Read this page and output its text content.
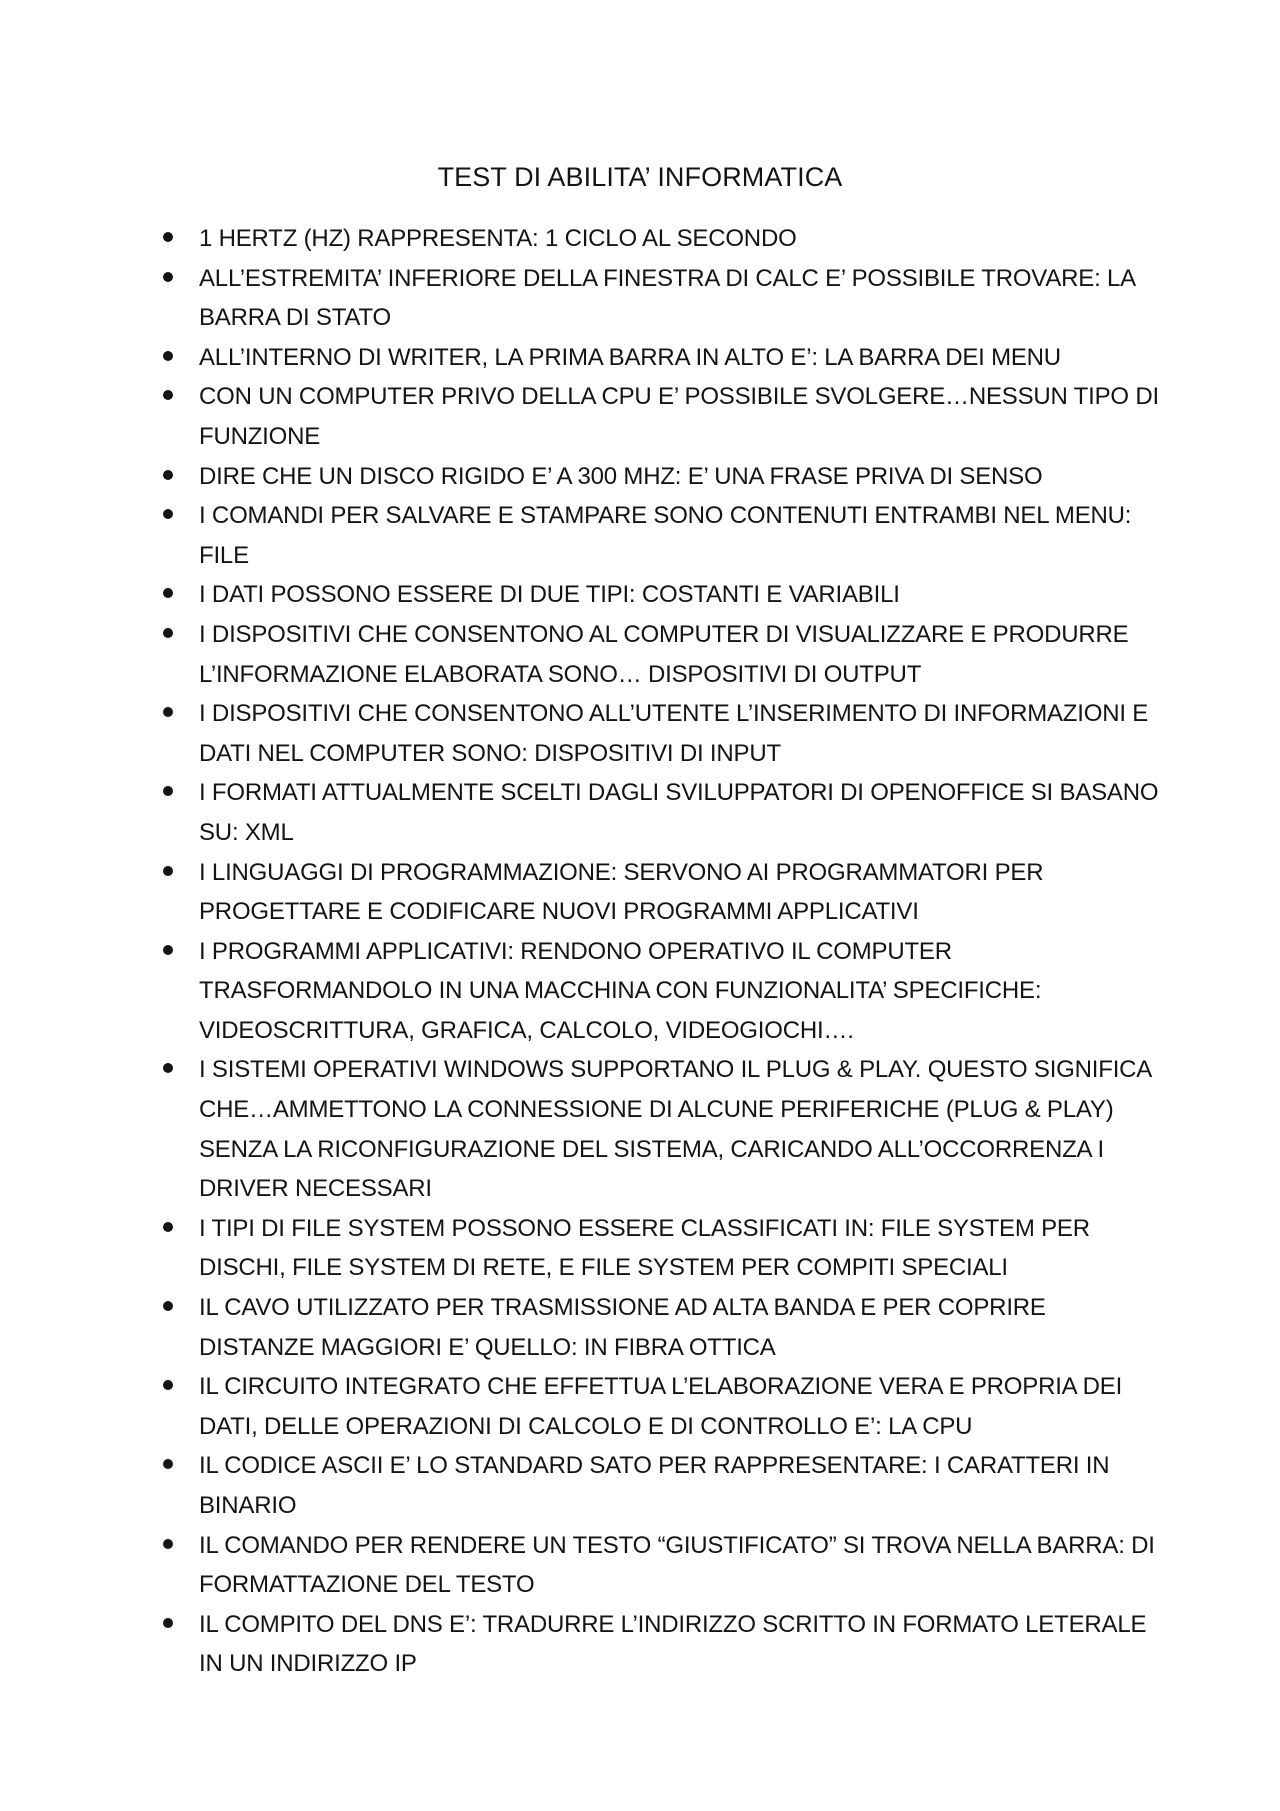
TEST DI ABILITA’ INFORMATICA
1 HERTZ (HZ) RAPPRESENTA: 1 CICLO AL SECONDO
ALL’ESTREMITA’ INFERIORE DELLA FINESTRA DI CALC E’ POSSIBILE TROVARE: LA BARRA DI STATO
ALL’INTERNO DI WRITER, LA PRIMA BARRA IN ALTO E’: LA BARRA DEI MENU
CON UN COMPUTER PRIVO DELLA CPU E’ POSSIBILE SVOLGERE…NESSUN TIPO DI FUNZIONE
DIRE CHE UN DISCO RIGIDO E’ A 300 MHZ: E’ UNA FRASE PRIVA DI SENSO
I COMANDI PER SALVARE E STAMPARE SONO CONTENUTI ENTRAMBI NEL MENU: FILE
I DATI POSSONO ESSERE DI DUE TIPI: COSTANTI E VARIABILI
I DISPOSITIVI CHE CONSENTONO AL COMPUTER DI VISUALIZZARE E PRODURRE L’INFORMAZIONE ELABORATA SONO… DISPOSITIVI DI OUTPUT
I DISPOSITIVI CHE CONSENTONO ALL’UTENTE L’INSERIMENTO DI INFORMAZIONI E DATI NEL COMPUTER SONO: DISPOSITIVI DI INPUT
I FORMATI ATTUALMENTE SCELTI DAGLI SVILUPPATORI DI OPENOFFICE SI BASANO SU: XML
I LINGUAGGI DI PROGRAMMAZIONE: SERVONO AI PROGRAMMATORI PER PROGETTARE E CODIFICARE NUOVI PROGRAMMI APPLICATIVI
I PROGRAMMI APPLICATIVI: RENDONO OPERATIVO IL COMPUTER TRASFORMANDOLO IN UNA MACCHINA CON FUNZIONALITA’ SPECIFICHE: VIDEOSCRITTURA, GRAFICA, CALCOLO, VIDEOGIOCHI….
I SISTEMI OPERATIVI WINDOWS SUPPORTANO IL PLUG & PLAY. QUESTO SIGNIFICA CHE…AMMETTONO LA CONNESSIONE DI ALCUNE PERIFERICHE (PLUG & PLAY) SENZA LA RICONFIGURAZIONE DEL SISTEMA, CARICANDO ALL’OCCORRENZA I DRIVER NECESSARI
I TIPI DI FILE SYSTEM POSSONO ESSERE CLASSIFICATI IN: FILE SYSTEM PER DISCHI, FILE SYSTEM DI RETE, E FILE SYSTEM PER COMPITI SPECIALI
IL CAVO UTILIZZATO PER TRASMISSIONE AD ALTA BANDA E PER COPRIRE DISTANZE MAGGIORI E’ QUELLO: IN FIBRA OTTICA
IL CIRCUITO INTEGRATO CHE EFFETTUA L’ELABORAZIONE VERA E PROPRIA DEI DATI, DELLE OPERAZIONI DI CALCOLO E DI CONTROLLO E’: LA CPU
IL CODICE ASCII E’ LO STANDARD SATO PER RAPPRESENTARE: I CARATTERI IN BINARIO
IL COMANDO PER RENDERE UN TESTO “GIUSTIFICATO” SI TROVA NELLA BARRA: DI FORMATTAZIONE DEL TESTO
IL COMPITO DEL DNS E’: TRADURRE L’INDIRIZZO SCRITTO IN FORMATO LETERALE IN UN INDIRIZZO IP
